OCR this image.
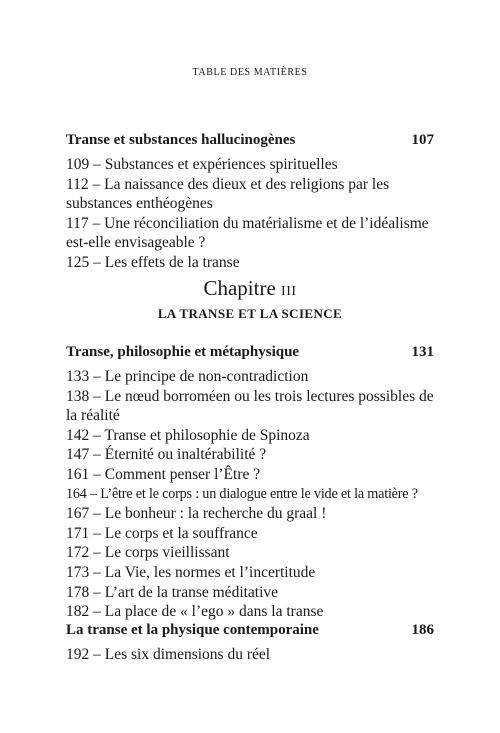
TABLE DES MATIÈRES
Transe et substances hallucinogènes	107
109 – Substances et expériences spirituelles
112 – La naissance des dieux et des religions par les
substances enthéogènes
117 – Une réconciliation du matérialisme et de l’idéalisme
est-elle envisageable ?
125 – Les effets de la transe
Chapitre III
LA TRANSE ET LA SCIENCE
Transe, philosophie et métaphysique	131
133 – Le principe de non-contradiction
138 – Le nœud borroméen ou les trois lectures possibles de
la réalité
142 – Transe et philosophie de Spinoza
147 – Éternité ou inaltérabilité ?
161 – Comment penser l’Être ?
164 – L’être et le corps : un dialogue entre le vide et la matière ?
167 – Le bonheur : la recherche du graal !
171 – Le corps et la souffrance
172 – Le corps vieillissant
173 – La Vie, les normes et l’incertitude
178 – L’art de la transe méditative
182 – La place de « l’ego » dans la transe
La transe et la physique contemporaine	186
192 – Les six dimensions du réel
